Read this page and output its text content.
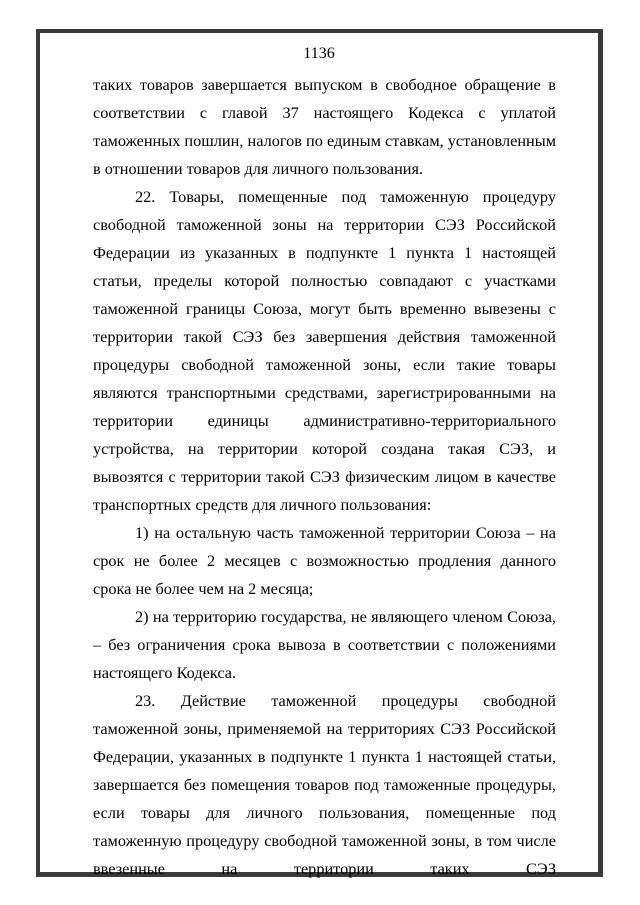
1136

таких товаров завершается выпуском в свободное обращение в соответствии с главой 37 настоящего Кодекса с уплатой таможенных пошлин, налогов по единым ставкам, установленным в отношении товаров для личного пользования.

22. Товары, помещенные под таможенную процедуру свободной таможенной зоны на территории СЭЗ Российской Федерации из указанных в подпункте 1 пункта 1 настоящей статьи, пределы которой полностью совпадают с участками таможенной границы Союза, могут быть временно вывезены с территории такой СЭЗ без завершения действия таможенной процедуры свободной таможенной зоны, если такие товары являются транспортными средствами, зарегистрированными на территории единицы административно-территориального устройства, на территории которой создана такая СЭЗ, и вывозятся с территории такой СЭЗ физическим лицом в качестве транспортных средств для личного пользования:

1) на остальную часть таможенной территории Союза – на срок не более 2 месяцев с возможностью продления данного срока не более чем на 2 месяца;

2) на территорию государства, не являющего членом Союза, – без ограничения срока вывоза в соответствии с положениями настоящего Кодекса.

23. Действие таможенной процедуры свободной таможенной зоны, применяемой на территориях СЭЗ Российской Федерации, указанных в подпункте 1 пункта 1 настоящей статьи, завершается без помещения товаров под таможенные процедуры, если товары для личного пользования, помещенные под таможенную процедуру свободной таможенной зоны, в том числе ввезенные на территории таких СЭЗ
